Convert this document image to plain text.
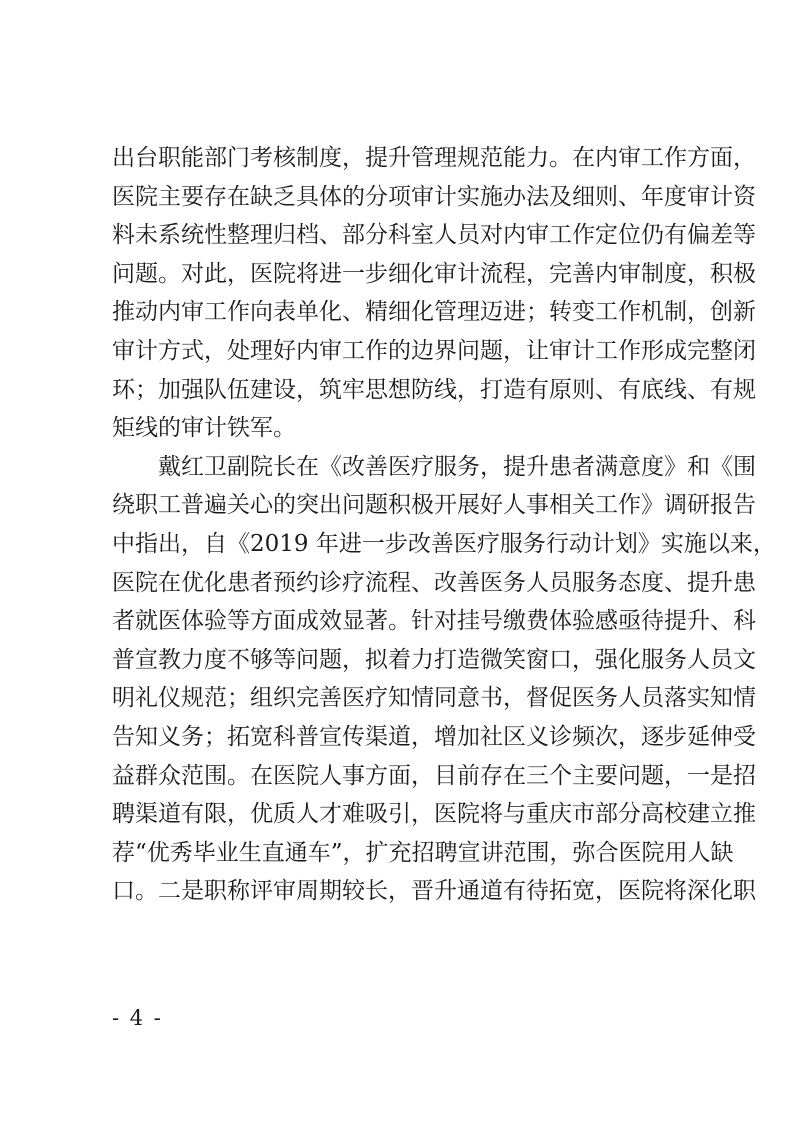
出台职能部门考核制度，提升管理规范能力。在内审工作方面，
医院主要存在缺乏具体的分项审计实施办法及细则、年度审计资
料未系统性整理归档、部分科室人员对内审工作定位仍有偏差等
问题。对此，医院将进一步细化审计流程，完善内审制度，积极
推动内审工作向表单化、精细化管理迈进；转变工作机制，创新
审计方式，处理好内审工作的边界问题，让审计工作形成完整闭
环；加强队伍建设，筑牢思想防线，打造有原则、有底线、有规
矩线的审计铁军。
　　戴红卫副院长在《改善医疗服务，提升患者满意度》和《围
绕职工普遍关心的突出问题积极开展好人事相关工作》调研报告
中指出，自《2019 年进一步改善医疗服务行动计划》实施以来，
医院在优化患者预约诊疗流程、改善医务人员服务态度、提升患
者就医体验等方面成效显著。针对挂号缴费体验感亟待提升、科
普宣教力度不够等问题，拟着力打造微笑窗口，强化服务人员文
明礼仪规范；组织完善医疗知情同意书，督促医务人员落实知情
告知义务；拓宽科普宣传渠道，增加社区义诊频次，逐步延伸受
益群众范围。在医院人事方面，目前存在三个主要问题，一是招
聘渠道有限，优质人才难吸引，医院将与重庆市部分高校建立推
荐“优秀毕业生直通车”，扩充招聘宣讲范围，弥合医院用人缺
口。二是职称评审周期较长，晋升通道有待拓宽，医院将深化职
- 4 -
